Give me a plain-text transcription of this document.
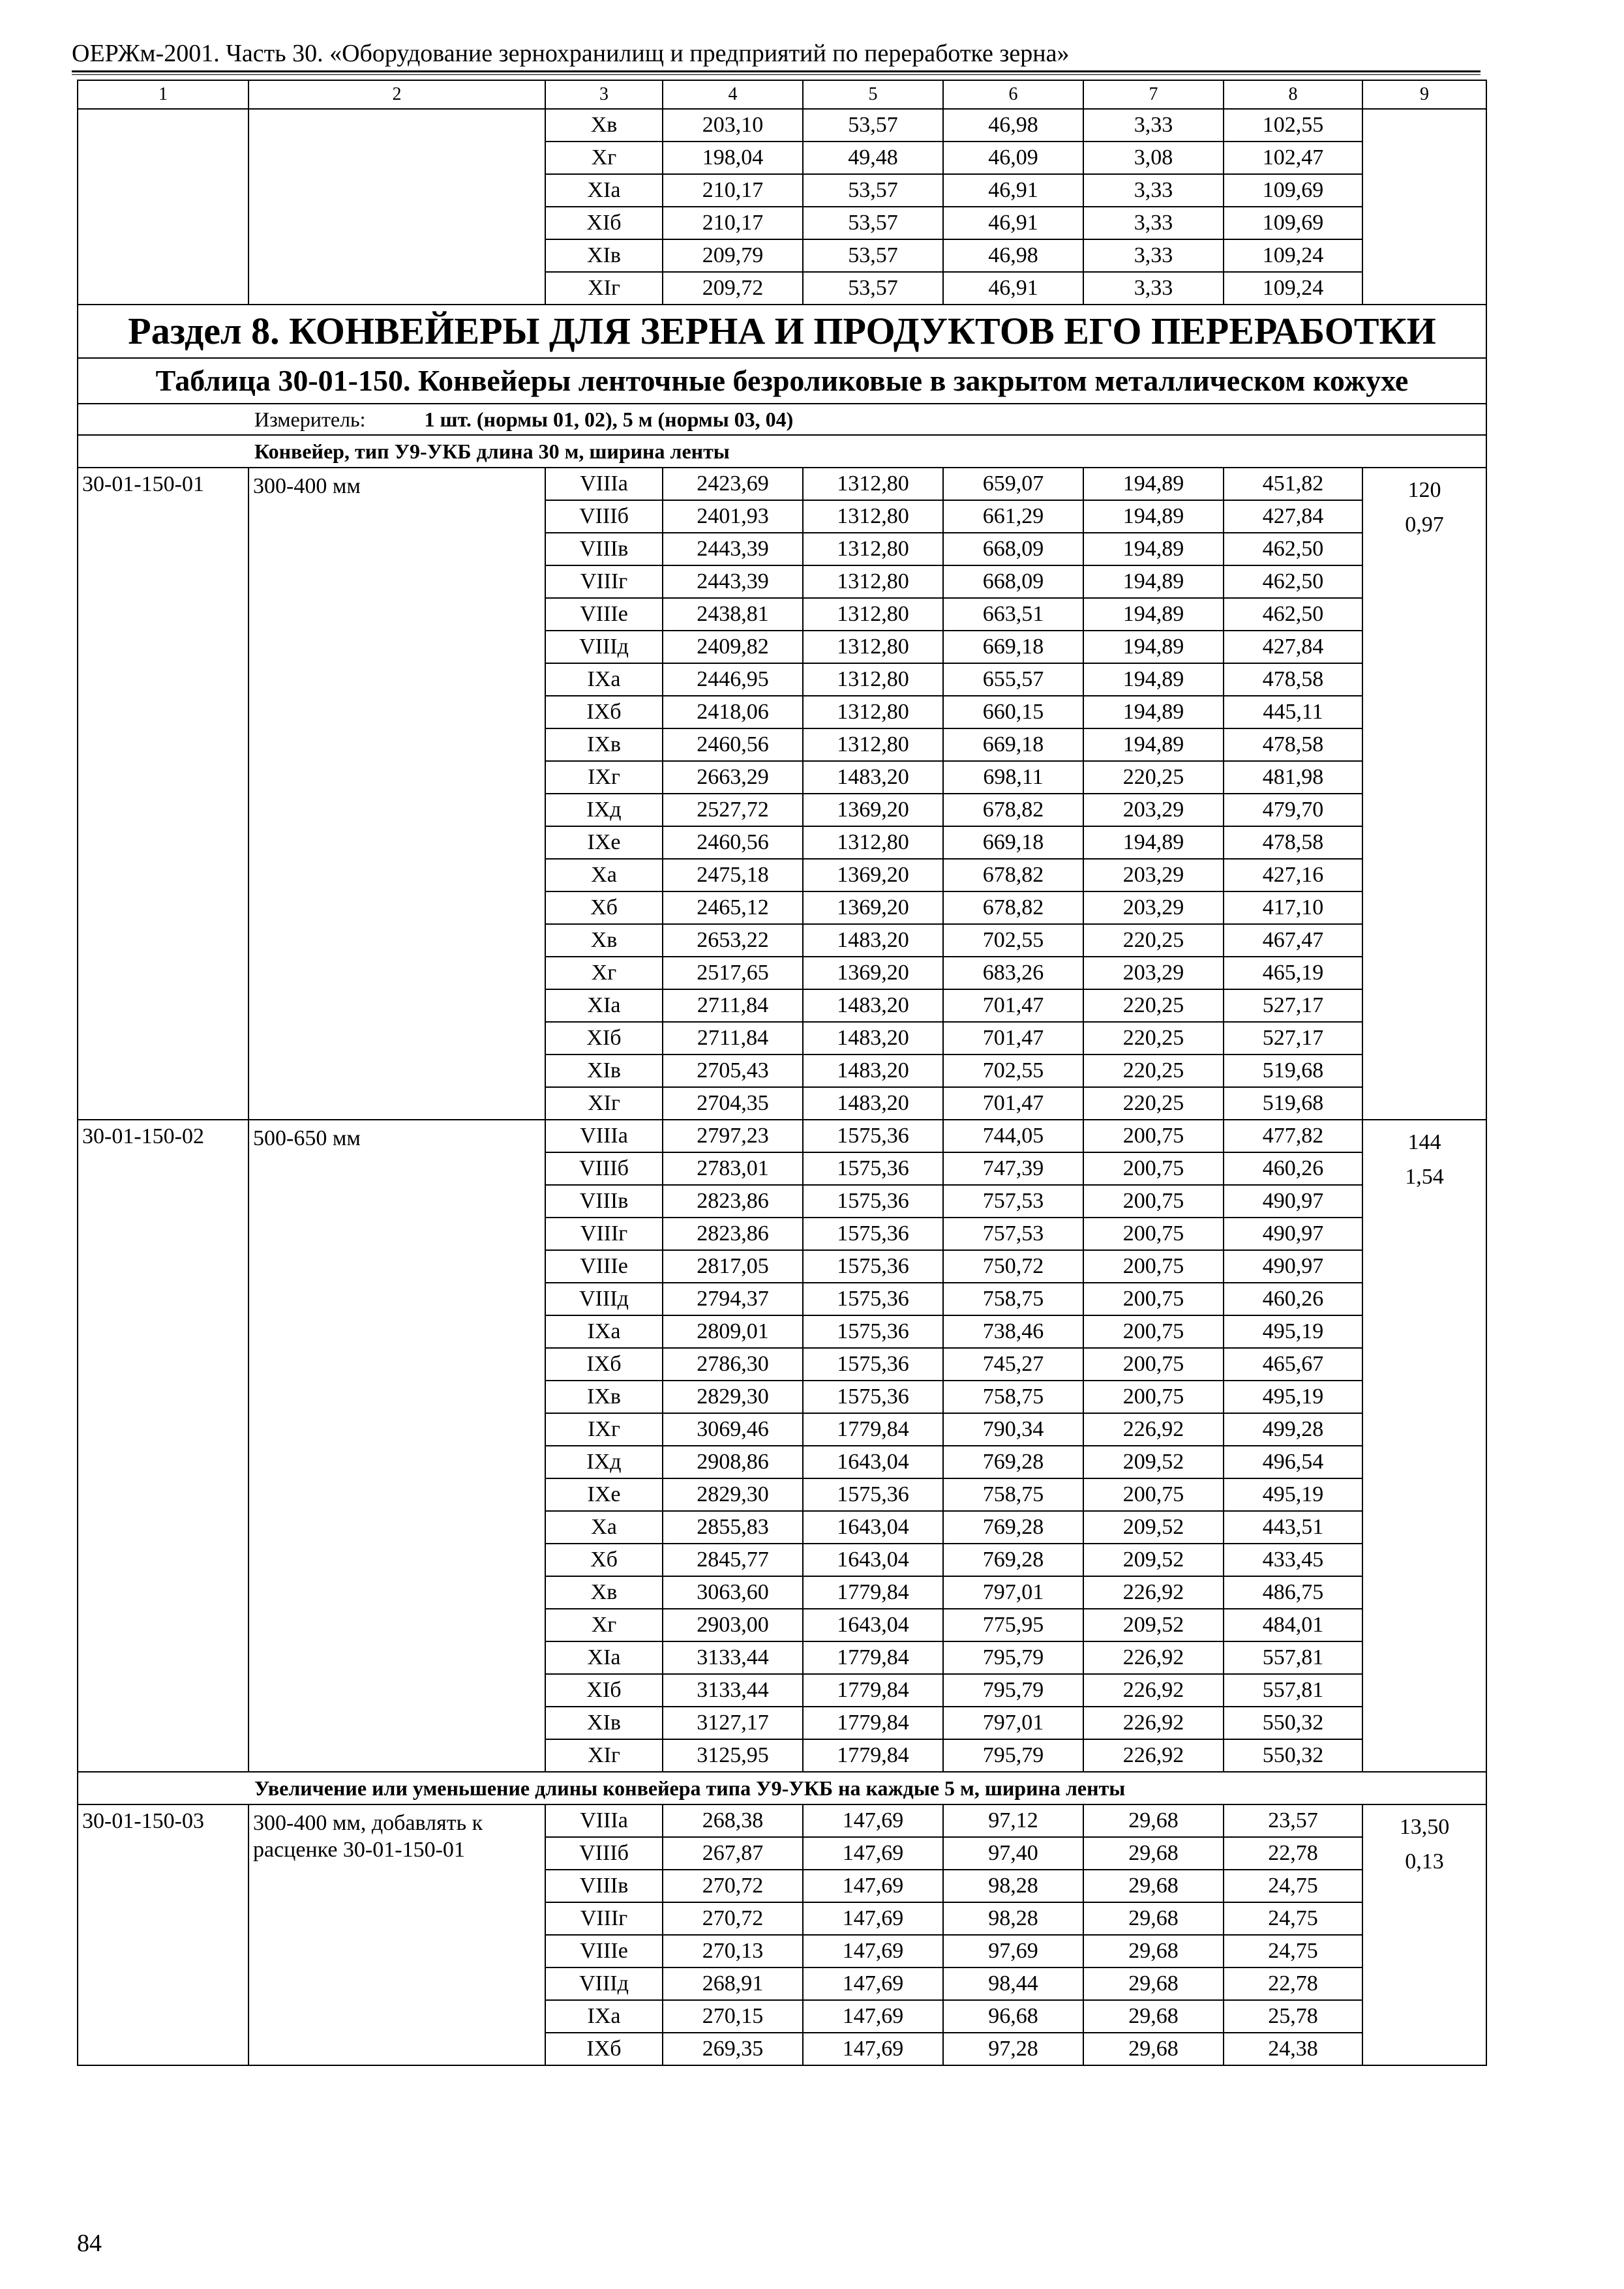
ОЕРЖм-2001. Часть 30. «Оборудование зернохранилищ и предприятий по переработке зерна»
1	2	3	4	5	6	7	8	9
		Xв	203,10	53,57	46,98	3,33	102,55	
		Xг	198,04	49,48	46,09	3,08	102,47	
		XIа	210,17	53,57	46,91	3,33	109,69	
		XIб	210,17	53,57	46,91	3,33	109,69	
		XIв	209,79	53,57	46,98	3,33	109,24	
		XIг	209,72	53,57	46,91	3,33	109,24	
Раздел 8. КОНВЕЙЕРЫ ДЛЯ ЗЕРНА И ПРОДУКТОВ ЕГО ПЕРЕРАБОТКИ								
Таблица 30-01-150. Конвейеры ленточные безроликовые в закрытом металлическом кожухе								
Измеритель: 1 шт. (нормы 01, 02), 5 м (нормы 03, 04)								
Конвейер, тип У9-УКБ длина 30 м, ширина ленты								
30-01-150-01	300-400 мм	VIIIа	2423,69	1312,80	659,07	194,89	451,82	120
0,97

		VIIIб	2401,93	1312,80	661,29	194,89	427,84	
		VIIIв	2443,39	1312,80	668,09	194,89	462,50	
		VIIIг	2443,39	1312,80	668,09	194,89	462,50	
		VIIIе	2438,81	1312,80	663,51	194,89	462,50	
		VIIIд	2409,82	1312,80	669,18	194,89	427,84	
		IXа	2446,95	1312,80	655,57	194,89	478,58	
		IXб	2418,06	1312,80	660,15	194,89	445,11	
		IXв	2460,56	1312,80	669,18	194,89	478,58	
		IXг	2663,29	1483,20	698,11	220,25	481,98	
		IXд	2527,72	1369,20	678,82	203,29	479,70	
		IXе	2460,56	1312,80	669,18	194,89	478,58	
		Xа	2475,18	1369,20	678,82	203,29	427,16	
		Xб	2465,12	1369,20	678,82	203,29	417,10	
		Xв	2653,22	1483,20	702,55	220,25	467,47	
		Xг	2517,65	1369,20	683,26	203,29	465,19	
		XIа	2711,84	1483,20	701,47	220,25	527,17	
		XIб	2711,84	1483,20	701,47	220,25	527,17	
		XIв	2705,43	1483,20	702,55	220,25	519,68	
		XIг	2704,35	1483,20	701,47	220,25	519,68	
30-01-150-02	500-650 мм	VIIIа	2797,23	1575,36	744,05	200,75	477,82	144
1,54

		VIIIб	2783,01	1575,36	747,39	200,75	460,26	
		VIIIв	2823,86	1575,36	757,53	200,75	490,97	
		VIIIг	2823,86	1575,36	757,53	200,75	490,97	
		VIIIе	2817,05	1575,36	750,72	200,75	490,97	
		VIIIд	2794,37	1575,36	758,75	200,75	460,26	
		IXа	2809,01	1575,36	738,46	200,75	495,19	
		IXб	2786,30	1575,36	745,27	200,75	465,67	
		IXв	2829,30	1575,36	758,75	200,75	495,19	
		IXг	3069,46	1779,84	790,34	226,92	499,28	
		IXд	2908,86	1643,04	769,28	209,52	496,54	
		IXе	2829,30	1575,36	758,75	200,75	495,19	
		Xа	2855,83	1643,04	769,28	209,52	443,51	
		Xб	2845,77	1643,04	769,28	209,52	433,45	
		Xв	3063,60	1779,84	797,01	226,92	486,75	
		Xг	2903,00	1643,04	775,95	209,52	484,01	
		XIа	3133,44	1779,84	795,79	226,92	557,81	
		XIб	3133,44	1779,84	795,79	226,92	557,81	
		XIв	3127,17	1779,84	797,01	226,92	550,32	
		XIг	3125,95	1779,84	795,79	226,92	550,32	
Увеличение или уменьшение длины конвейера типа У9-УКБ на каждые 5 м, ширина ленты								
30-01-150-03	300-400 мм, добавлять к расценке 30-01-150-01	VIIIа	268,38	147,69	97,12	29,68	23,57	13,50
0,13

		VIIIб	267,87	147,69	97,40	29,68	22,78	
		VIIIв	270,72	147,69	98,28	29,68	24,75	
		VIIIг	270,72	147,69	98,28	29,68	24,75	
		VIIIе	270,13	147,69	97,69	29,68	24,75	
		VIIIд	268,91	147,69	98,44	29,68	22,78	
		IXа	270,15	147,69	96,68	29,68	25,78	
		IXб	269,35	147,69	97,28	29,68	24,38	
84
